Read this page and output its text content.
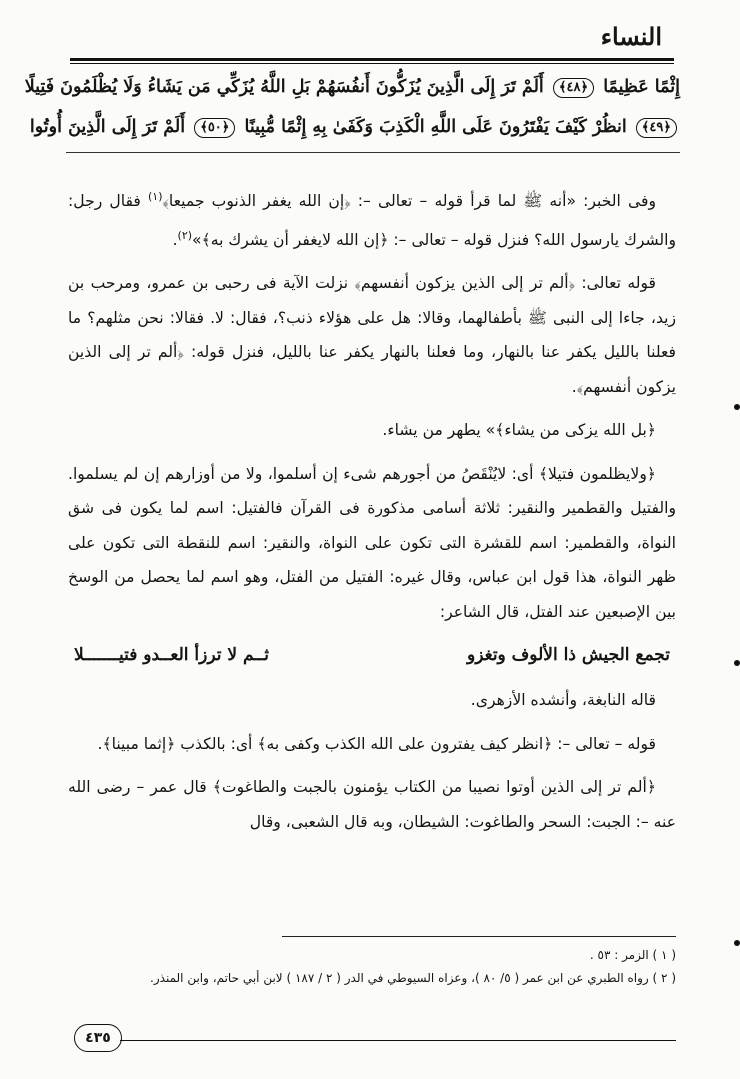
النساء

إِثْمًا عَظِيمًا ﴿٤٨﴾ أَلَمْ تَرَ إِلَى الَّذِينَ يُزَكُّونَ أَنفُسَهُمْ بَلِ اللَّهُ يُزَكِّي مَن يَشَاءُ وَلَا يُظْلَمُونَ فَتِيلًا

﴿٤٩﴾ انظُرْ كَيْفَ يَفْتَرُونَ عَلَى اللَّهِ الْكَذِبَ وَكَفَىٰ بِهِ إِثْمًا مُّبِينًا ﴿٥٠﴾ أَلَمْ تَرَ إِلَى الَّذِينَ أُوتُوا

وفى الخبر: «أنه ﷺ لما قرأ قوله – تعالى –: ﴿إن الله يغفر الذنوب جميعا﴾$^{(١)}$ فقال رجل: والشرك يارسول الله؟ فنزل قوله – تعالى –: ﴿إن الله لايغفر أن يشرك به﴾»$^{(٢)}$.

قوله تعالى: ﴿ألم تر إلى الذين يزكون أنفسهم﴾ نزلت الآية فى رحبى بن عمرو، ومرحب بن زيد، جاءا إلى النبى ﷺ بأطفالهما، وقالا: هل على هؤلاء ذنب؟، فقال: لا. فقالا: نحن مثلهم؟ ما فعلنا بالليل يكفر عنا بالنهار، وما فعلنا بالنهار يكفر عنا بالليل، فنزل قوله: ﴿ألم تر إلى الذين يزكون أنفسهم﴾.

﴿بل الله يزكى من يشاء﴾» يطهر من يشاء.

﴿ولايظلمون فتيلا﴾ أى: لايُنْقَصُ من أجورهم شىء إن أسلموا، ولا من أوزارهم إن لم يسلموا. والفتيل والقطمير والنقير: ثلاثة أسامى مذكورة فى القرآن فالفتيل: اسم لما يكون فى شق النواة، والقطمير: اسم للقشرة التى تكون على النواة، والنقير: اسم للنقطة التى تكون على ظهر النواة، هذا قول ابن عباس، وقال غيره: الفتيل من الفتل، وهو اسم لما يحصل من الوسخ بين الإصبعين عند الفتل، قال الشاعر:

تجمع الجيش ذا الألوف وتغزو
ثــم لا ترزأ العــدو فتيـــــــلا

قاله النابغة، وأنشده الأزهرى.

قوله – تعالى –: ﴿انظر كيف يفترون على الله الكذب وكفى به﴾ أى: بالكذب ﴿إثما مبينا﴾.

﴿ألم تر إلى الذين أوتوا نصيبا من الكتاب يؤمنون بالجبت والطاغوت﴾ قال عمر – رضى الله عنه –: الجبت: السحر والطاغوت: الشيطان، وبه قال الشعبى، وقال

( ١ ) الزمر : ٥٣ .

( ٢ ) رواه الطبري عن ابن عمر ( ٥/ ٨٠ )، وعزاه السيوطي في الدر ( ٢ / ١٨٧ ) لابن أبي حاتم، وابن المنذر.

٤٣٥
